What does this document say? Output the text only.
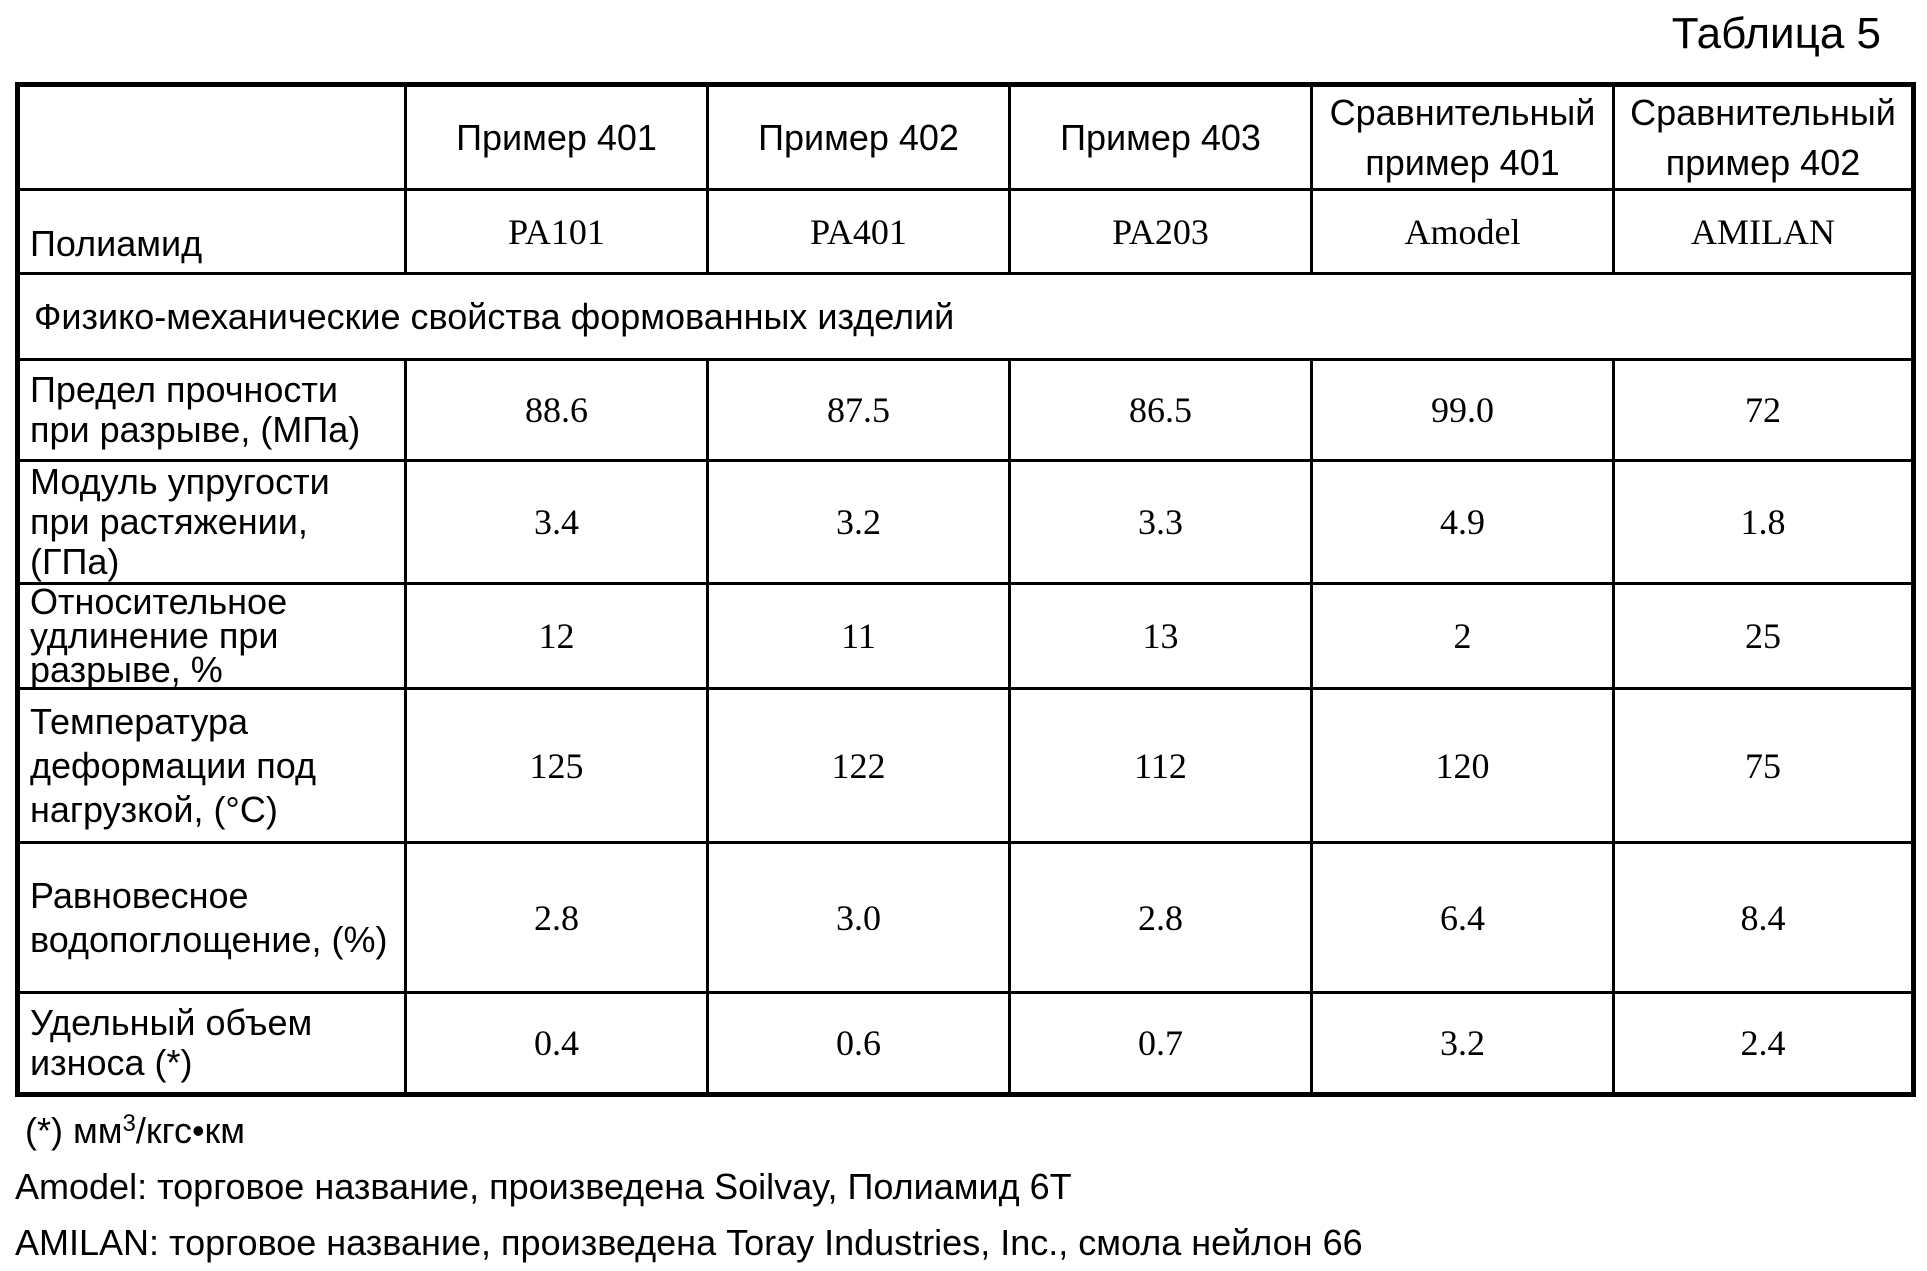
Таблица 5
	Пример 401	Пример 402	Пример 403	Сравнительный пример 401	Сравнительный пример 402
Полиамид	PA101	PA401	PA203	Amodel	AMILAN
Физико-механические свойства формованных изделий					
Предел прочности при разрыве, (МПа)	88.6	87.5	86.5	99.0	72
Модуль упругости при растяжении, (ГПа)	3.4	3.2	3.3	4.9	1.8
Относительное удлинение при разрыве, %	12	11	13	2	25
Температура деформации под нагрузкой, (°C)	125	122	112	120	75
Равновесное водопоглощение, (%)	2.8	3.0	2.8	6.4	8.4
Удельный объем износа (*)	0.4	0.6	0.7	3.2	2.4
(*) $мм^3/кгс•км$
Amodel: торговое название, произведена Soilvay, Полиамид 6T
AMILAN: торговое название, произведена Toray Industries, Inc., смола нейлон 66
